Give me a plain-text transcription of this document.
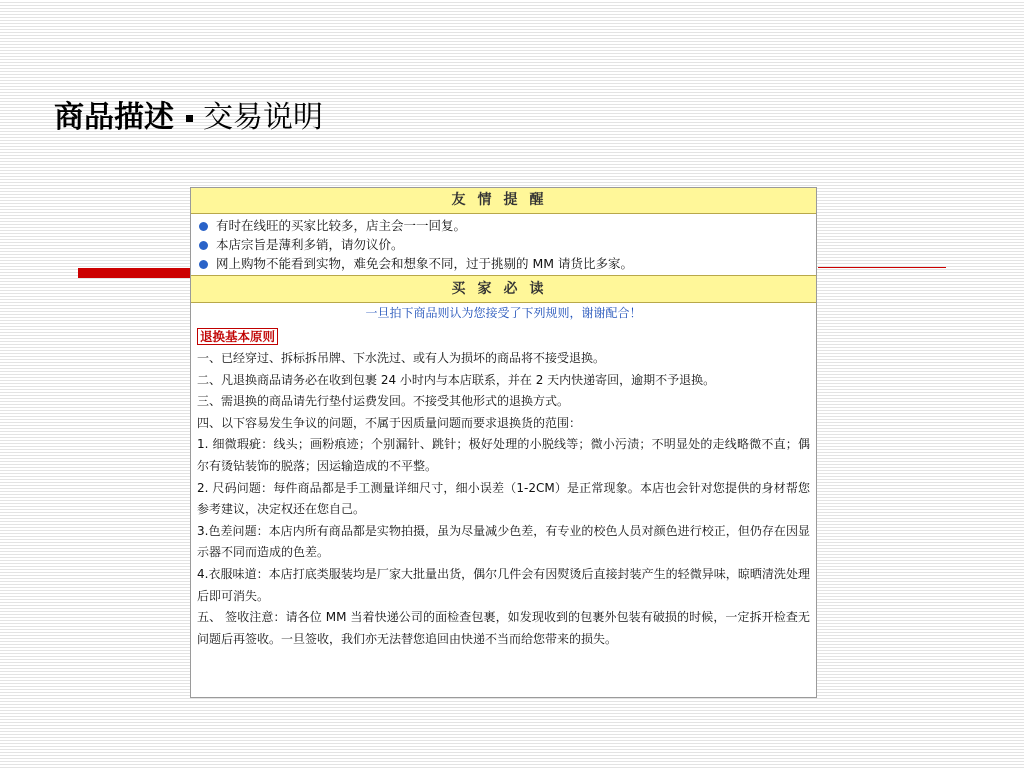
商品描述 交易说明
友情提醒
有时在线旺的买家比较多，店主会一一回复。
本店宗旨是薄利多销，请勿议价。
网上购物不能看到实物，难免会和想象不同，过于挑剔的 MM 请货比多家。
买家必读
一旦拍下商品则认为您接受了下列规则，谢谢配合！
退换基本原则

一、已经穿过、拆标拆吊牌、下水洗过、或有人为损坏的商品将不接受退换。

二、凡退换商品请务必在收到包裹 24 小时内与本店联系，并在 2 天内快递寄回，逾期不予退换。

三、需退换的商品请先行垫付运费发回。不接受其他形式的退换方式。

四、以下容易发生争议的问题，不属于因质量问题而要求退换货的范围：

1. 细微瑕疵：线头；画粉痕迹；个别漏针、跳针；极好处理的小脱线等；微小污渍；不明显处的走线略微不直；偶尔有烫钻装饰的脱落；因运输造成的不平整。

2. 尺码问题：每件商品都是手工测量详细尺寸，细小误差（1-2CM）是正常现象。本店也会针对您提供的身材帮您参考建议，决定权还在您自己。

3.色差问题：本店内所有商品都是实物拍摄，虽为尽量减少色差，有专业的校色人员对颜色进行校正，但仍存在因显示器不同而造成的色差。

4.衣服味道：本店打底类服装均是厂家大批量出货，偶尔几件会有因熨烫后直接封装产生的轻微异味，晾晒清洗处理后即可消失。

五、 签收注意：请各位 MM 当着快递公司的面检查包裹，如发现收到的包裹外包装有破损的时候，一定拆开检查无问题后再签收。一旦签收，我们亦无法替您追回由快递不当而给您带来的损失。
